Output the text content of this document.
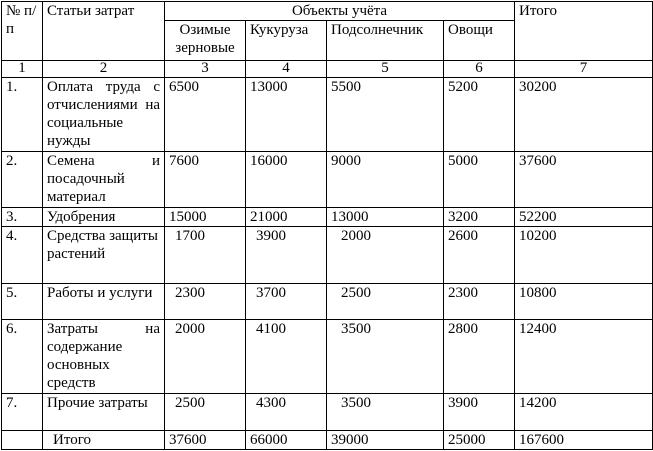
№ п/п	Статьи затрат	Объекты учёта				Итого
		Озимые зерновые	Кукуруза	Подсолнечник	Овощи	
1	2	3	4	5	6	7
1.	Оплата труда с отчислениями на социальные нужды	6500	13000	5500	5200	30200
2.	Семена и посадочный материал	7600	16000	9000	5000	37600
3.	Удобрения	15000	21000	13000	3200	52200
4.	Средства защиты растений	1700	3900	2000	2600	10200
5.	Работы и услуги	2300	3700	2500	2300	10800
6.	Затраты на содержание основных средств	2000	4100	3500	2800	12400
7.	Прочие затраты	2500	4300	3500	3900	14200
	Итого	37600	66000	39000	25000	167600
